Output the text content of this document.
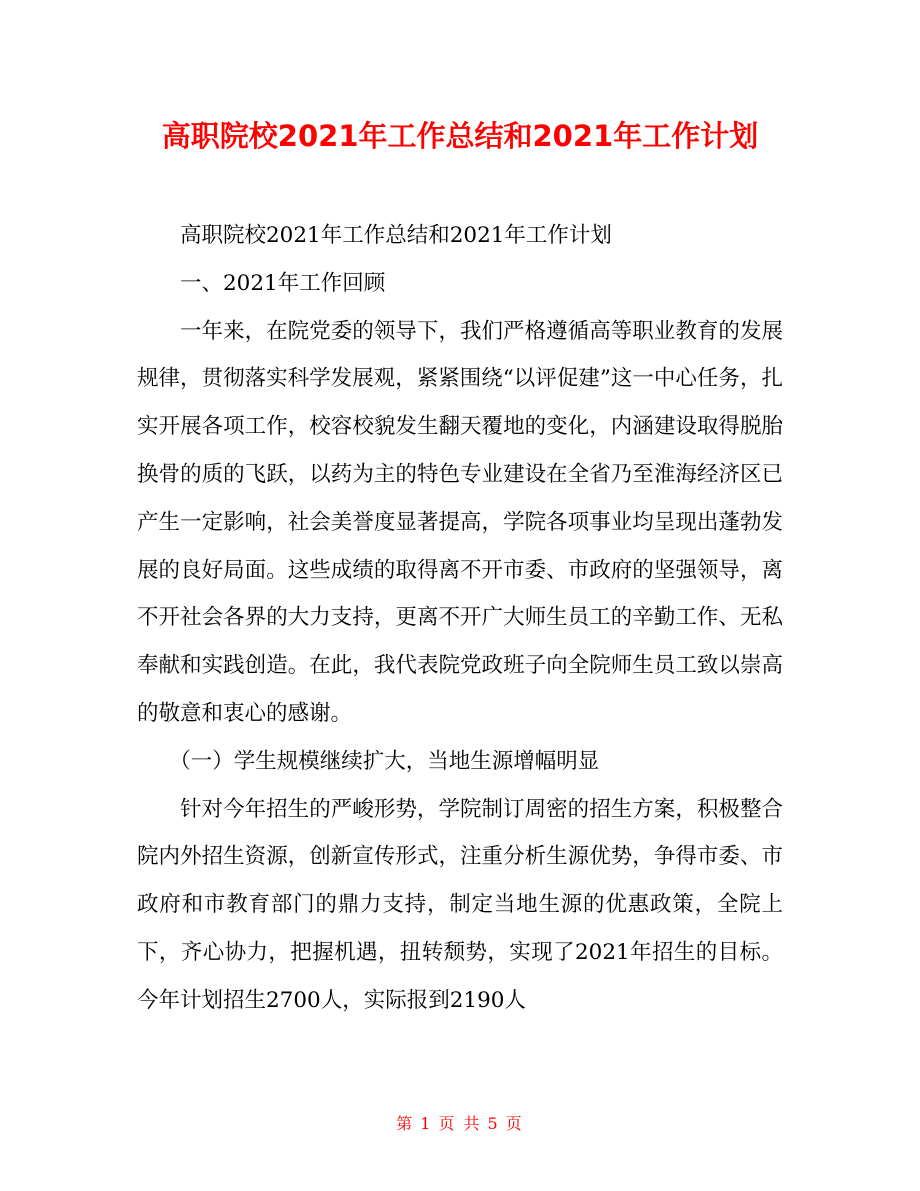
高职院校2021年工作总结和2021年工作计划

高职院校2021年工作总结和2021年工作计划

一、2021年工作回顾

一年来，在院党委的领导下，我们严格遵循高等职业教育的发展规律，贯彻落实科学发展观，紧紧围绕“以评促建”这一中心任务，扎实开展各项工作，校容校貌发生翻天覆地的变化，内涵建设取得脱胎换骨的质的飞跃，以药为主的特色专业建设在全省乃至淮海经济区已产生一定影响，社会美誉度显著提高，学院各项事业均呈现出蓬勃发展的良好局面。这些成绩的取得离不开市委、市政府的坚强领导，离不开社会各界的大力支持，更离不开广大师生员工的辛勤工作、无私奉献和实践创造。在此，我代表院党政班子向全院师生员工致以崇高的敬意和衷心的感谢。

（一）学生规模继续扩大，当地生源增幅明显

针对今年招生的严峻形势，学院制订周密的招生方案，积极整合院内外招生资源，创新宣传形式，注重分析生源优势，争得市委、市政府和市教育部门的鼎力支持，制定当地生源的优惠政策，全院上下，齐心协力，把握机遇，扭转颓势，实现了2021年招生的目标。今年计划招生2700人，实际报到2190人

第 1 页 共 5 页
